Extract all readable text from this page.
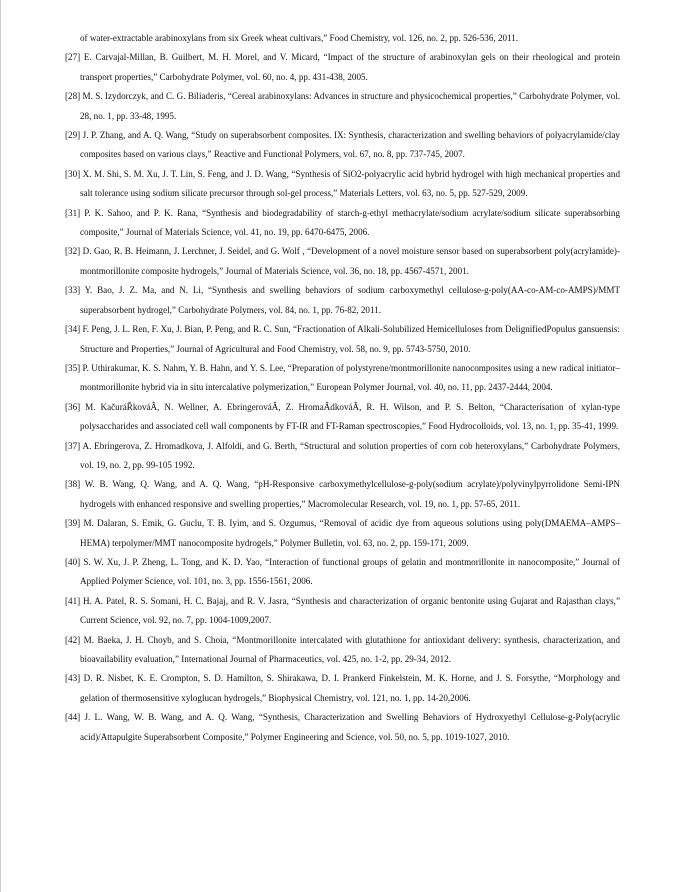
of water-extractable arabinoxylans from six Greek wheat cultivars,” Food Chemistry, vol. 126, no. 2, pp. 526-536, 2011.

[27] E. Carvajal-Millan, B. Guilbert, M. H. Morel, and V. Micard, “Impact of the structure of arabinoxylan gels on their rheological and protein transport properties,” Carbohydrate Polymer, vol. 60, no. 4, pp. 431-438, 2005.

[28] M. S. Izydorczyk, and C. G. Biliaderis, “Cereal arabinoxylans: Advances in structure and physicochemical properties,” Carbohydrate Polymer, vol. 28, no. 1, pp. 33-48, 1995.

[29] J. P. Zhang, and A. Q. Wang, “Study on superabsorbent composites. IX: Synthesis, characterization and swelling behaviors of polyacrylamide/clay composites based on various clays,” Reactive and Functional Polymers, vol. 67, no. 8, pp. 737-745, 2007.

[30] X. M. Shi, S. M. Xu, J. T. Lin, S. Feng, and J. D. Wang, “Synthesis of SiO2-polyacrylic acid hybrid hydrogel with high mechanical properties and salt tolerance using sodium silicate precursor through sol-gel process,” Materials Letters, vol. 63, no. 5, pp. 527-529, 2009.

[31] P. K. Sahoo, and P. K. Rana, “Synthesis and biodegradability of starch-g-ethyl methacrylate/sodium acrylate/sodium silicate superabsorbing composite,” Journal of Materials Science, vol. 41, no. 19, pp. 6470-6475, 2006.

[32] D. Gao, R. B. Heimann, J. Lerchner, J. Seidel, and G. Wolf , “Development of a novel moisture sensor based on superabsorbent poly(acrylamide)-montmorillonite composite hydrogels,” Journal of Materials Science, vol. 36, no. 18, pp. 4567-4571, 2001.

[33] Y. Bao, J. Z. Ma, and N. Li, “Synthesis and swelling behaviors of sodium carboxymethyl cellulose-g-poly(AA-co-AM-co-AMPS)/MMT superabsorbent hydrogel,” Carbohydrate Polymers, vol. 84, no. 1, pp. 76-82, 2011.

[34] F. Peng, J. L. Ren, F. Xu, J. Bian, P. Peng, and R. C. Sun, “Fractionation of Alkali-Solubilized Hemicelluloses from DelignifiedPopulus gansuensis: Structure and Properties,” Journal of Agricultural and Food Chemistry, vol. 58, no. 9, pp. 5743-5750, 2010.

[35] P. Uthirakumar, K. S. Nahm, Y. B. Hahn, and Y. S. Lee, “Preparation of polystyrene/montmorillonite nanocomposites using a new radical initiator–montmorillonite hybrid via in situ intercalative polymerization,” European Polymer Journal, vol. 40, no. 11, pp. 2437-2444, 2004.

[36] M. KačuráŘkováÂ, N. Wellner, A. EbringerováÂ, Z. HromaÂdkováÂ, R. H. Wilson, and P. S. Belton, “Characterisation of xylan-type polysaccharides and associated cell wall components by FT-IR and FT-Raman spectroscopies,” Food Hydrocolloids, vol. 13, no. 1, pp. 35-41, 1999.

[37] A. Ebringerova, Z. Hromadkova, J. Alfoldi, and G. Berth, “Structural and solution properties of corn cob heteroxylans,” Carbohydrate Polymers, vol. 19, no. 2, pp. 99-105 1992.

[38] W. B. Wang, Q. Wang, and A. Q. Wang, “pH-Responsive carboxymethylcellulose-g-poly(sodium acrylate)/polyvinylpyrrolidone Semi-IPN hydrogels with enhanced responsive and swelling properties,” Macromolecular Research, vol. 19, no. 1, pp. 57-65, 2011.

[39] M. Dalaran, S. Emik, G. Guclu, T. B. Iyim, and S. Ozgumus, “Removal of acidic dye from aqueous solutions using poly(DMAEMA–AMPS–HEMA) terpolymer/MMT nanocomposite hydrogels,” Polymer Bulletin, vol. 63, no. 2, pp. 159-171, 2009.

[40] S. W. Xu, J. P. Zheng, L. Tong, and K. D. Yao, “Interaction of functional groups of gelatin and montmorillonite in nanocomposite,” Journal of Applied Polymer Science, vol. 101, no. 3, pp. 1556-1561, 2006.

[41] H. A. Patel, R. S. Somani, H. C. Bajaj, and R. V. Jasra, “Synthesis and characterization of organic bentonite using Gujarat and Rajasthan clays,” Current Science, vol. 92, no. 7, pp. 1004-1009,2007.

[42] M. Baeka, J. H. Choyb, and S. Choia, “Montmorillonite intercalated with glutathione for antioxidant delivery: synthesis, characterization, and bioavailability evaluation,” International Journal of Pharmaceutics, vol. 425, no. 1-2, pp. 29-34, 2012.

[43] D. R. Nisbet, K. E. Crompton, S. D. Hamilton, S. Shirakawa, D. I. Prankerd Finkelstein, M. K. Horne, and J. S. Forsythe, “Morphology and gelation of thermosensitive xyloglucan hydrogels,” Biophysical Chemistry, vol. 121, no. 1, pp. 14-20,2006.

[44] J. L. Wang, W. B. Wang, and A. Q. Wang, “Synthesis, Characterization and Swelling Behaviors of Hydroxyethyl Cellulose-g-Poly(acrylic acid)/Attapulgite Superabsorbent Composite,” Polymer Engineering and Science, vol. 50, no. 5, pp. 1019-1027, 2010.
